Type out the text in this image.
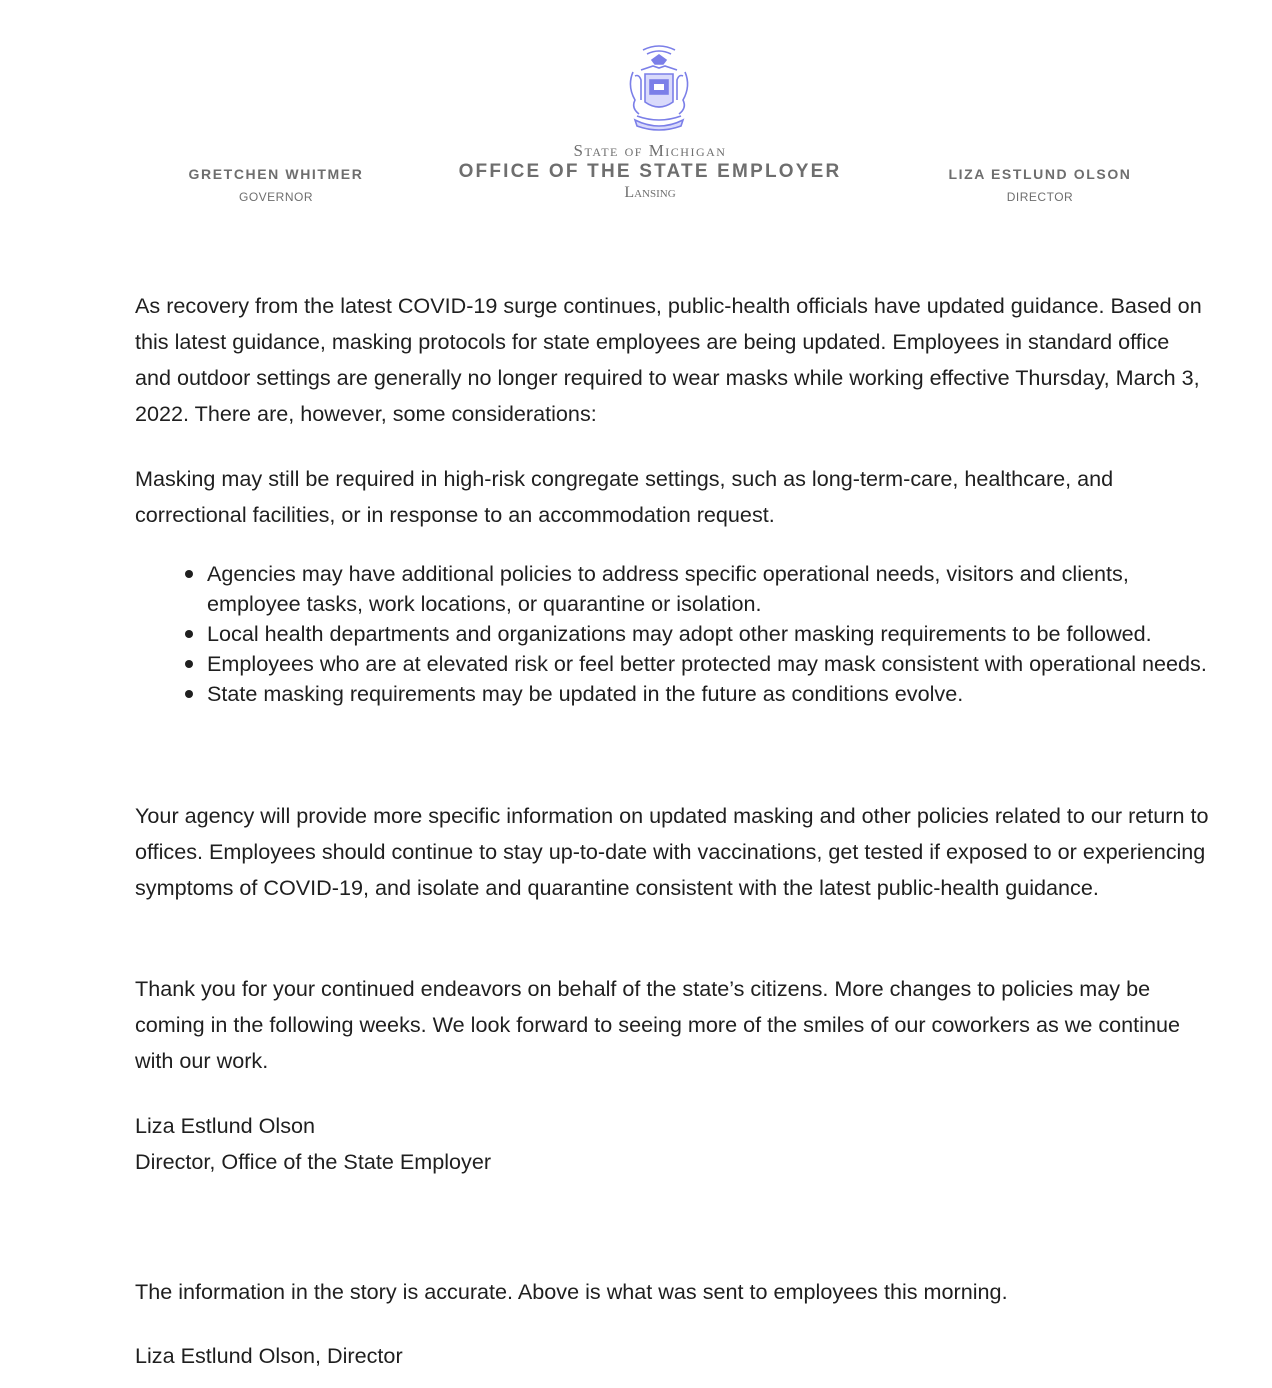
GRETCHEN WHITMER
GOVERNOR
State of Michigan
OFFICE OF THE STATE EMPLOYER
Lansing
LIZA ESTLUND OLSON
DIRECTOR
As recovery from the latest COVID-19 surge continues, public-health officials have updated guidance. Based on this latest guidance, masking protocols for state employees are being updated. Employees in standard office and outdoor settings are generally no longer required to wear masks while working effective Thursday, March 3, 2022. There are, however, some considerations:
Masking may still be required in high-risk congregate settings, such as long-term-care, healthcare, and correctional facilities, or in response to an accommodation request.
Agencies may have additional policies to address specific operational needs, visitors and clients, employee tasks, work locations, or quarantine or isolation.
Local health departments and organizations may adopt other masking requirements to be followed.
Employees who are at elevated risk or feel better protected may mask consistent with operational needs.
State masking requirements may be updated in the future as conditions evolve.
Your agency will provide more specific information on updated masking and other policies related to our return to offices. Employees should continue to stay up-to-date with vaccinations, get tested if exposed to or experiencing symptoms of COVID-19, and isolate and quarantine consistent with the latest public-health guidance.
Thank you for your continued endeavors on behalf of the state’s citizens. More changes to policies may be coming in the following weeks. We look forward to seeing more of the smiles of our coworkers as we continue with our work.
Liza Estlund Olson
Director, Office of the State Employer
The information in the story is accurate. Above is what was sent to employees this morning.
Liza Estlund Olson, Director
